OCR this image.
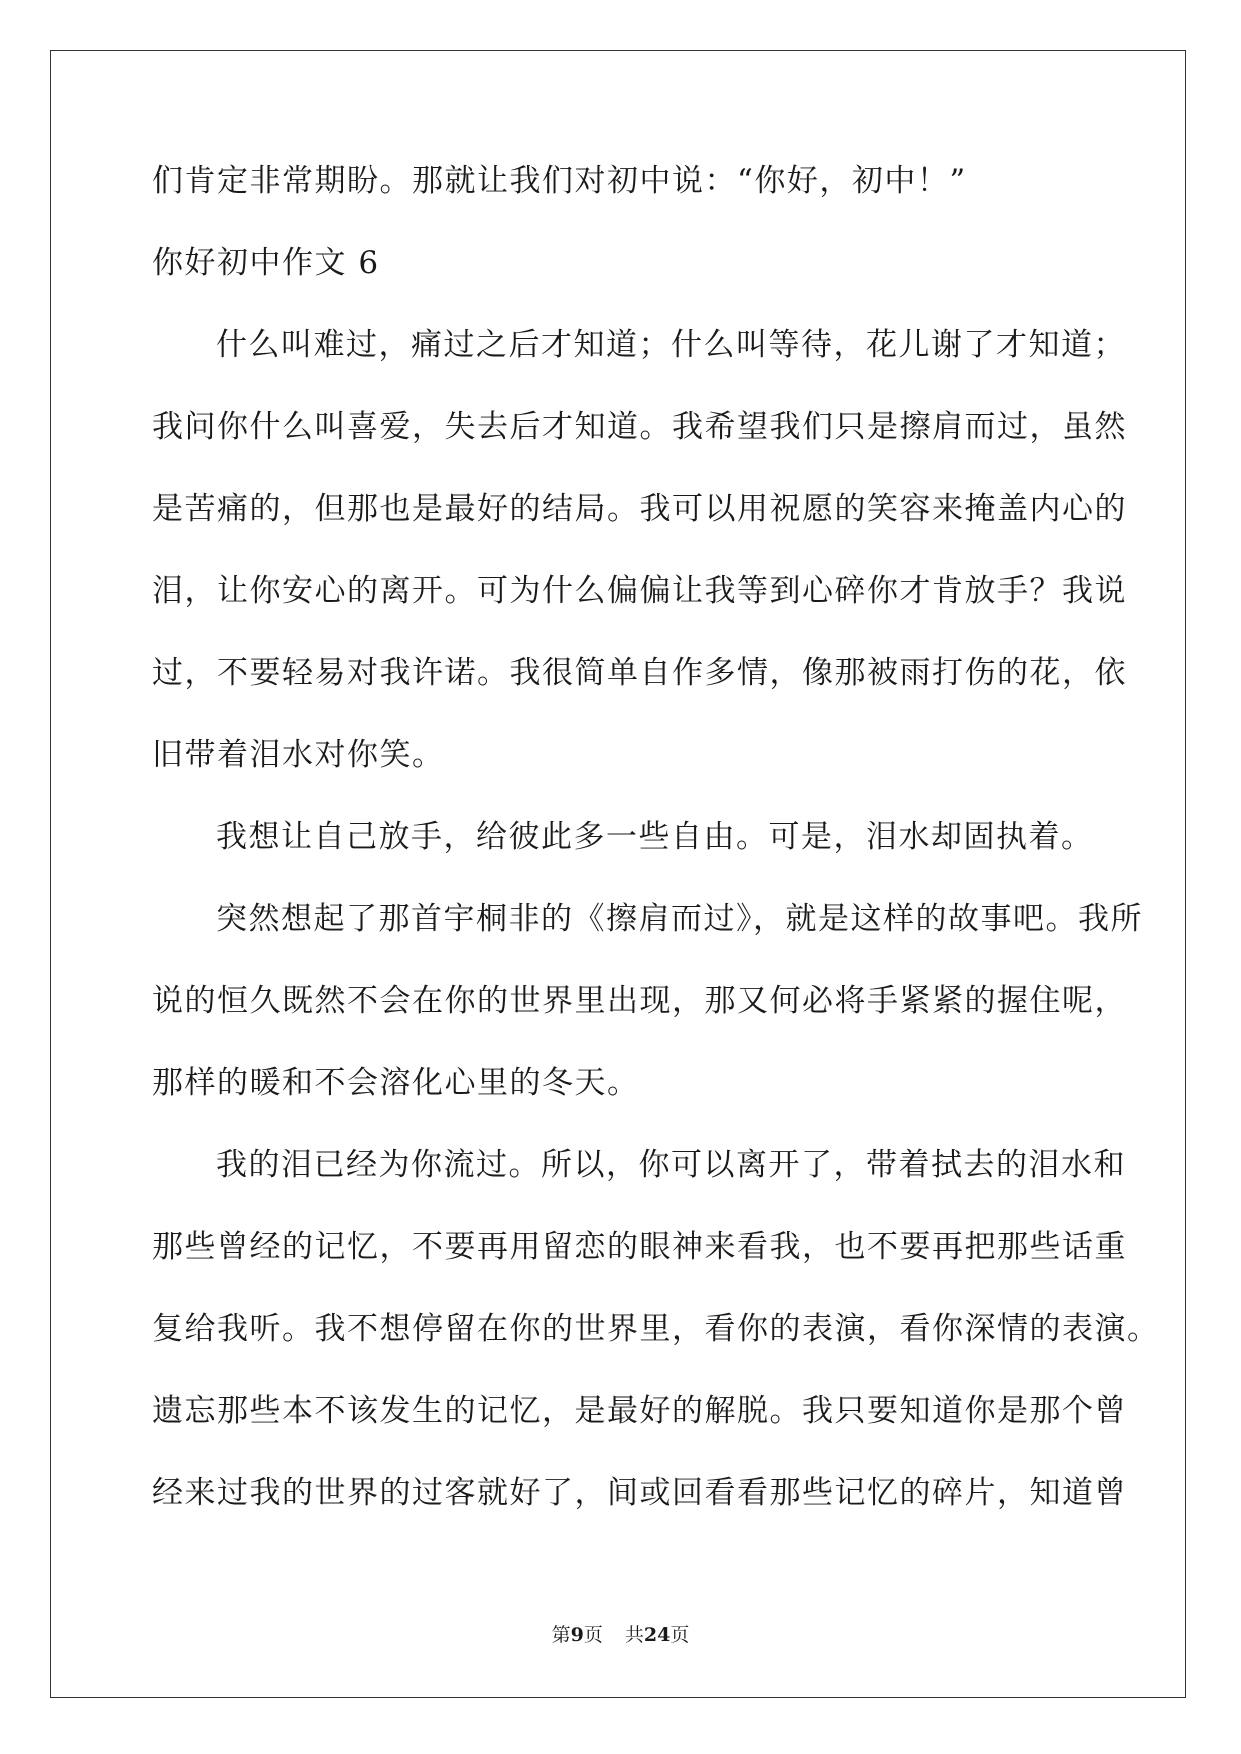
们肯定非常期盼。那就让我们对初中说：“你好，初中！”
你好初中作文 6
什么叫难过，痛过之后才知道；什么叫等待，花儿谢了才知道；
我问你什么叫喜爱，失去后才知道。我希望我们只是擦肩而过，虽然
是苦痛的，但那也是最好的结局。我可以用祝愿的笑容来掩盖内心的
泪，让你安心的离开。可为什么偏偏让我等到心碎你才肯放手？我说
过，不要轻易对我许诺。我很简单自作多情，像那被雨打伤的花，依
旧带着泪水对你笑。
我想让自己放手，给彼此多一些自由。可是，泪水却固执着。
突然想起了那首宇桐非的《擦肩而过》，就是这样的故事吧。我所
说的恒久既然不会在你的世界里出现，那又何必将手紧紧的握住呢，
那样的暖和不会溶化心里的冬天。
我的泪已经为你流过。所以，你可以离开了，带着拭去的泪水和
那些曾经的记忆，不要再用留恋的眼神来看我，也不要再把那些话重
复给我听。我不想停留在你的世界里，看你的表演，看你深情的表演。
遗忘那些本不该发生的记忆，是最好的解脱。我只要知道你是那个曾
经来过我的世界的过客就好了，间或回看看那些记忆的碎片，知道曾
第9页 共24页
